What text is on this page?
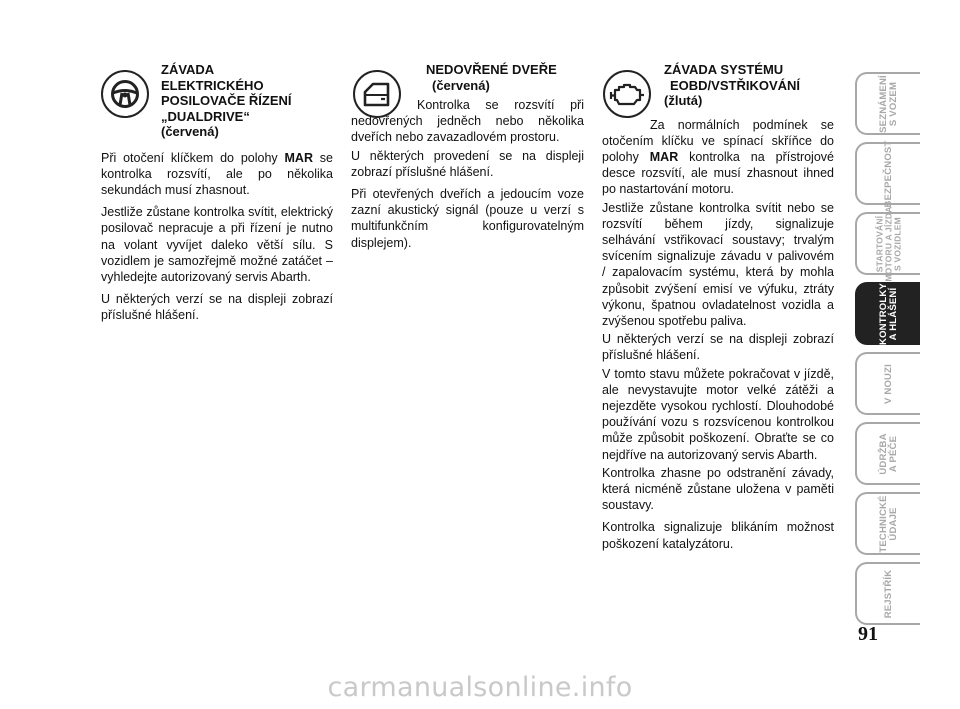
ZÁVADA
ELEKTRICKÉHO
POSILOVAČE ŘÍZENÍ
„DUALDRIVE“
(červená)

Při otočení klíčkem do polohy MAR se kontrolka rozsvítí, ale po několika sekundách musí zhasnout.

Jestliže zůstane kontrolka svítit, elektrický posilovač nepracuje a při řízení je nutno na volant vyvíjet daleko větší sílu. S vozidlem je samozřejmě možné zatáčet – vyhledejte autorizovaný servis Abarth.

U některých verzí se na displeji zobrazí příslušné hlášení.

NEDOVŘENÉ DVEŘE
(červená)

Kontrolka se rozsvítí při nedovřených jedněch nebo několika dveřích nebo zavazadlovém prostoru.

U některých provedení se na displeji zobrazí příslušné hlášení.

Při otevřených dveřích a jedoucím voze zazní akustický signál (pouze u verzí s multifunkčním konfigurovatelným displejem).

ZÁVADA SYSTÉMU
EOBD/VSTŘIKOVÁNÍ
(žlutá)

Za normálních podmínek se otočením klíčku ve spínací skříňce do polohy MAR kontrolka na přístrojové desce rozsvítí, ale musí zhasnout ihned po nastartování motoru.

Jestliže zůstane kontrolka svítit nebo se rozsvítí během jízdy, signalizuje selhávání vstřikovací soustavy; trvalým svícením signalizuje závadu v palivovém / zapalovacím systému, která by mohla způsobit zvýšení emisí ve výfuku, ztráty výkonu, špatnou ovladatelnost vozidla a zvýšenou spotřebu paliva.

U některých verzí se na displeji zobrazí příslušné hlášení.

V tomto stavu můžete pokračovat v jízdě, ale nevystavujte motor velké zátěži a nejezděte vysokou rychlostí. Dlouhodobé používání vozu s rozsvícenou kontrolkou může způsobit poškození. Obraťte se co nejdříve na autorizovaný servis Abarth.

Kontrolka zhasne po odstranění závady, která nicméně zůstane uložena v paměti soustavy.

Kontrolka signalizuje blikáním možnost poškození katalyzátoru.

SEZNÁMENÍ
S VOZEM
BEZPEČNOST
STARTOVÁNÍ
MOTORU A JÍZDA
S VOZIDLEM
KONTROLKY
A HLÁŠENÍ
V NOUZI
ÚDRŽBA
A PÉČE
TECHNICKÉ
ÚDAJE
REJSTŘÍK
91
carmanualsonline.info
